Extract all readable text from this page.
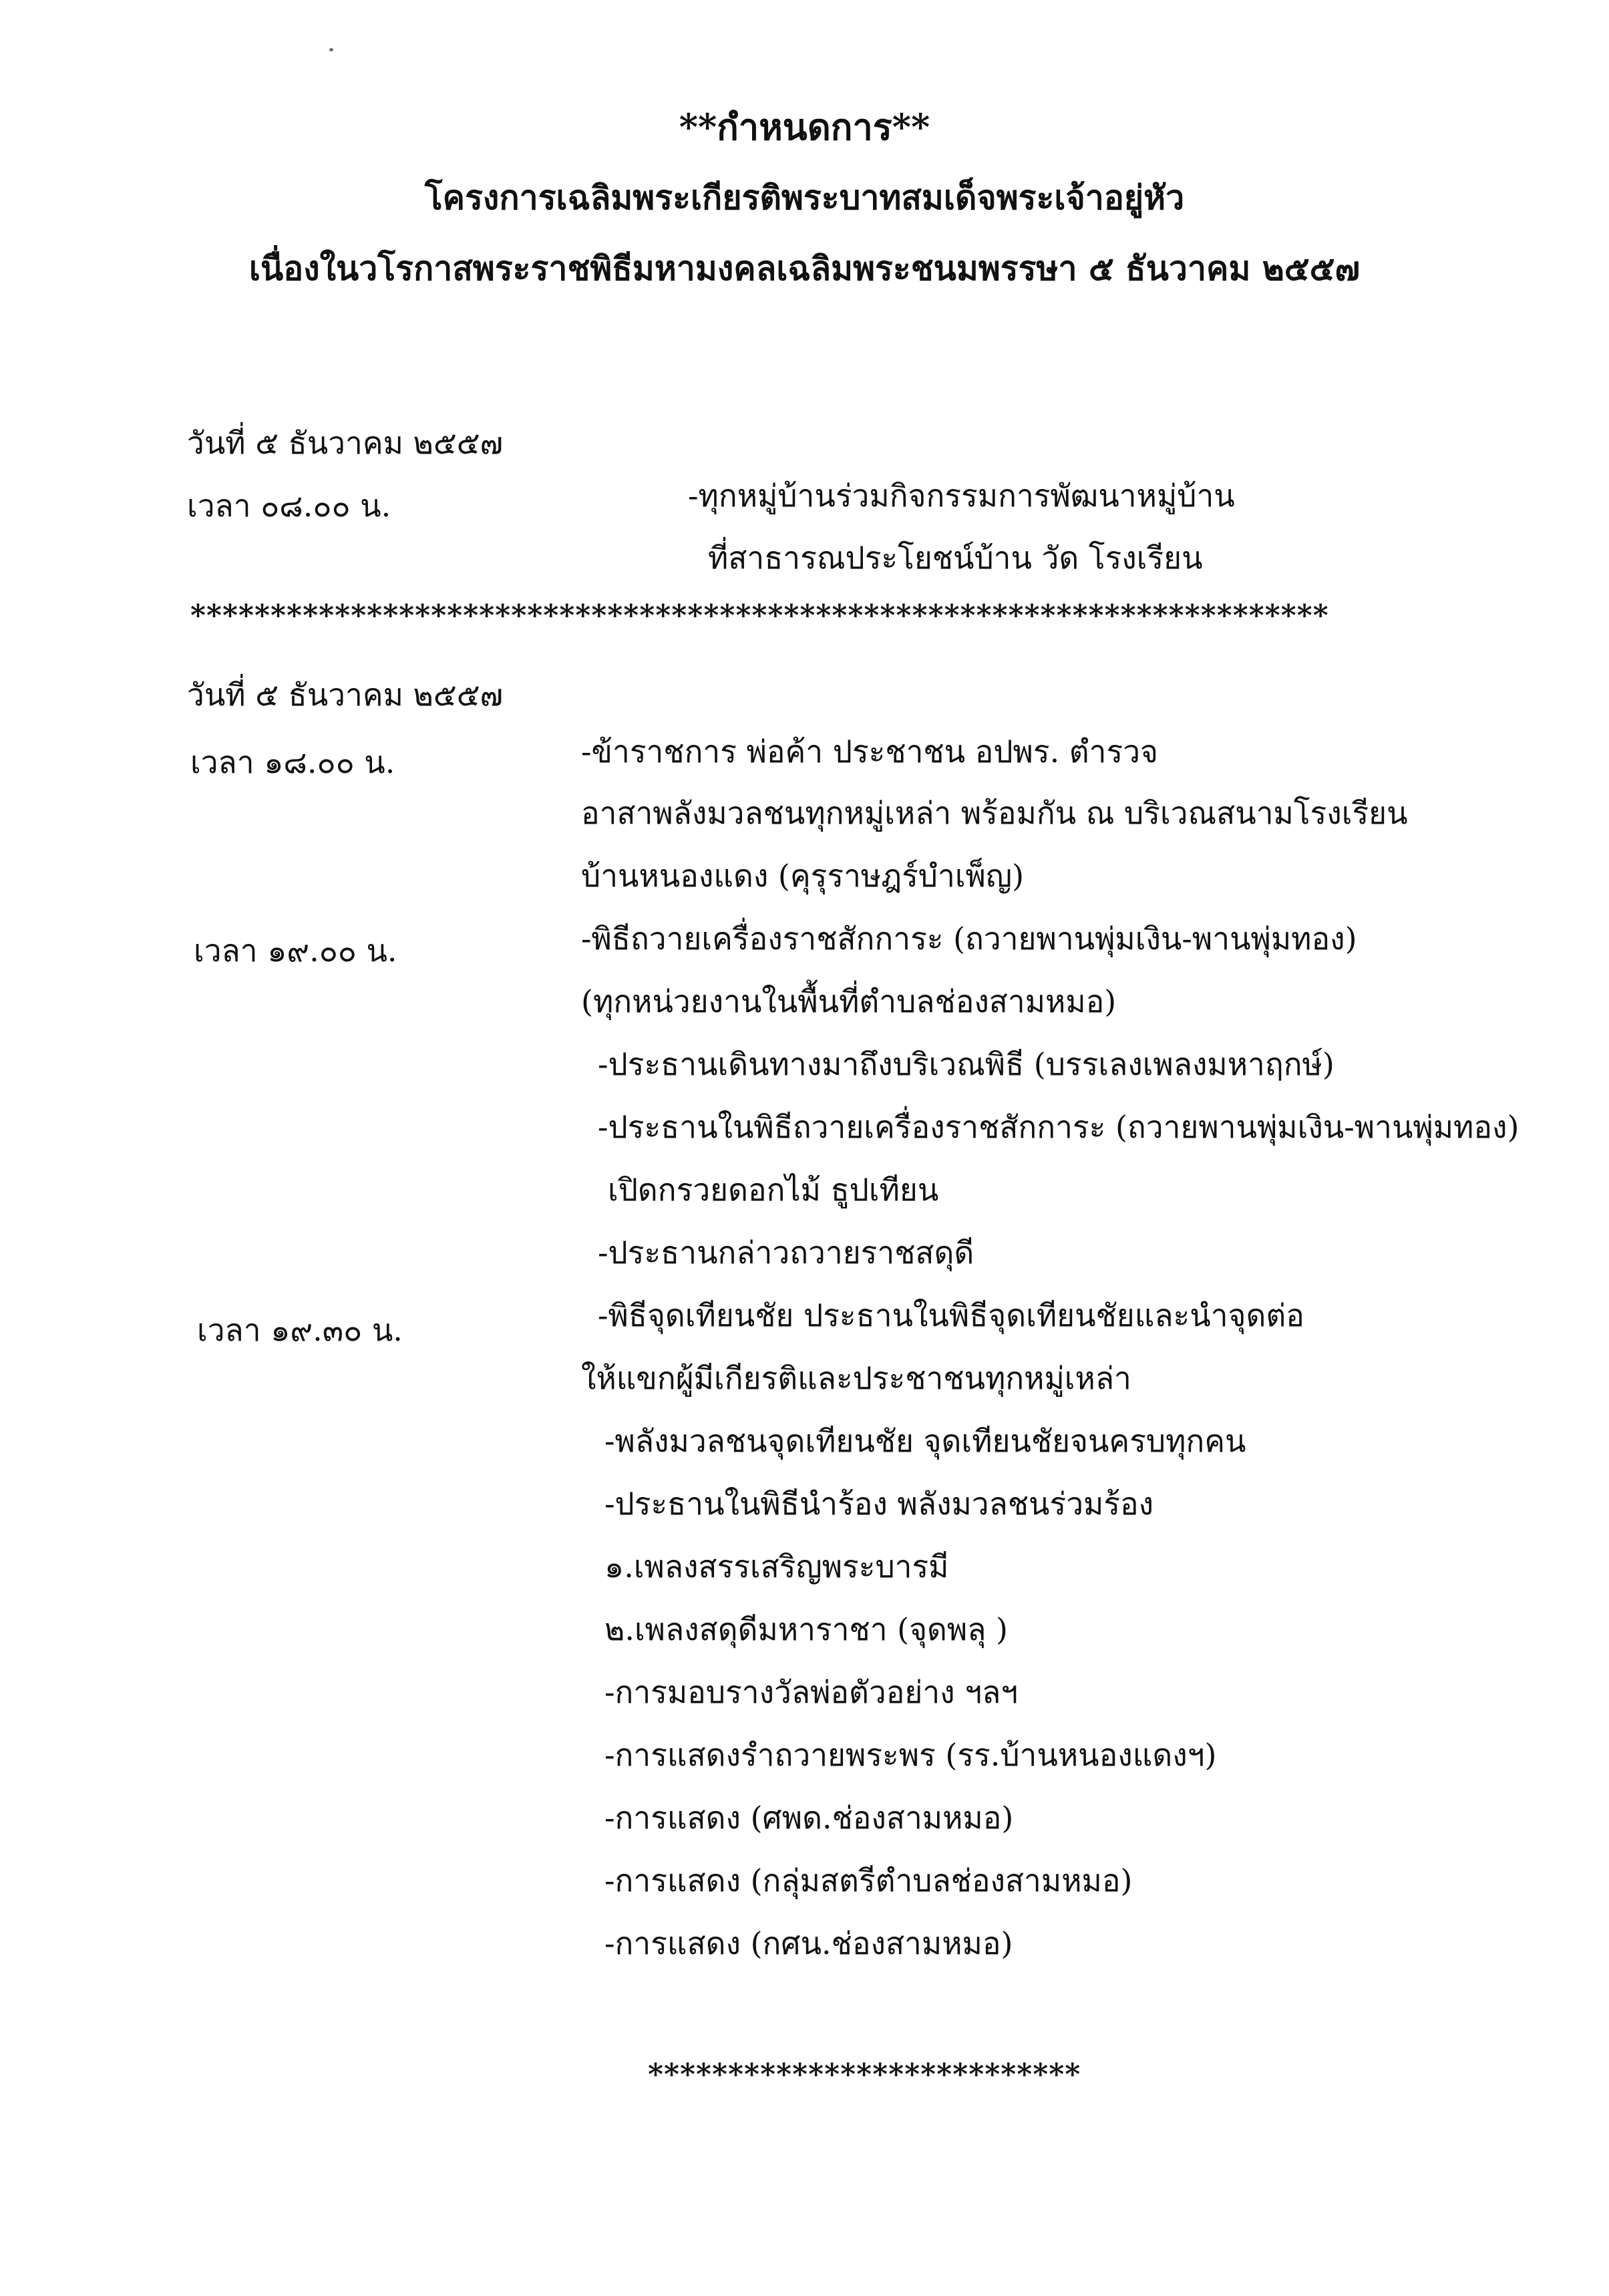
**กำหนดการ**

โครงการเฉลิมพระเกียรติพระบาทสมเด็จพระเจ้าอยู่หัว

เนื่องในวโรกาสพระราชพิธีมหามงคลเฉลิมพระชนมพรรษา ๕ ธันวาคม ๒๕๕๗

วันที่ ๕ ธันวาคม ๒๕๕๗

เวลา ๐๘.๐๐ น.	-ทุกหมู่บ้านร่วมกิจกรรมการพัฒนาหมู่บ้าน

ที่สาธารณประโยชน์บ้าน วัด โรงเรียน

***********************************************************************

วันที่ ๕ ธันวาคม ๒๕๕๗

เวลา ๑๘.๐๐ น.

เวลา ๑๙.๐๐ น.

เวลา ๑๙.๓๐ น.

-ข้าราชการ พ่อค้า ประชาชน อปพร. ตำรวจ

อาสาพลังมวลชนทุกหมู่เหล่า พร้อมกัน ณ บริเวณสนามโรงเรียน

บ้านหนองแดง (คุรุราษฎร์บำเพ็ญ)

-พิธีถวายเครื่องราชสักการะ (ถวายพานพุ่มเงิน-พานพุ่มทอง)

(ทุกหน่วยงานในพื้นที่ตำบลช่องสามหมอ)

-ประธานเดินทางมาถึงบริเวณพิธี (บรรเลงเพลงมหาฤกษ์)

-ประธานในพิธีถวายเครื่องราชสักการะ (ถวายพานพุ่มเงิน-พานพุ่มทอง)

เปิดกรวยดอกไม้ ธูปเทียน

-ประธานกล่าวถวายราชสดุดี

-พิธีจุดเทียนชัย ประธานในพิธีจุดเทียนชัยและนำจุดต่อ

ให้แขกผู้มีเกียรติและประชาชนทุกหมู่เหล่า

-พลังมวลชนจุดเทียนชัย จุดเทียนชัยจนครบทุกคน

-ประธานในพิธีนำร้อง พลังมวลชนร่วมร้อง

๑.เพลงสรรเสริญพระบารมี

๒.เพลงสดุดีมหาราชา (จุดพลุ )

-การมอบรางวัลพ่อตัวอย่าง ฯลฯ

-การแสดงรำถวายพระพร (รร.บ้านหนองแดงฯ)

-การแสดง (ศพด.ช่องสามหมอ)

-การแสดง (กลุ่มสตรีตำบลช่องสามหมอ)

-การแสดง (กศน.ช่องสามหมอ)

***************************
